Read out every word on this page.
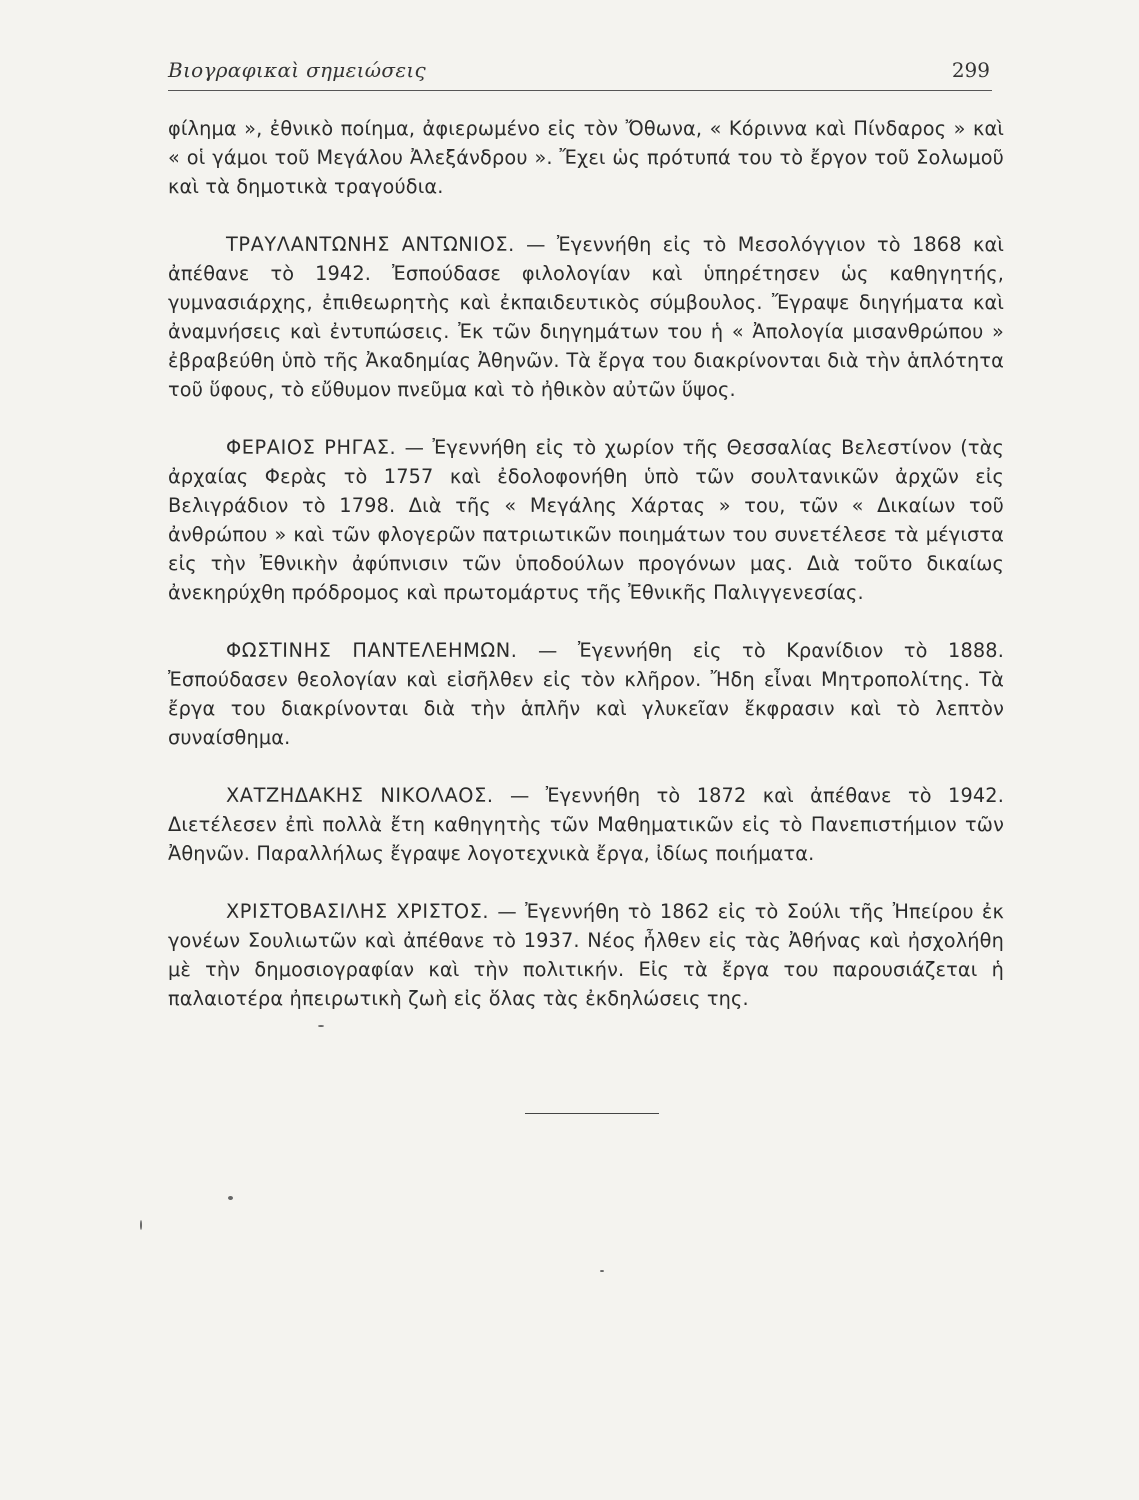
Βιογραφικαὶ σημειώσεις	299

φίλημα », ἐθνικὸ ποίημα, ἀφιερωμένο εἰς τὸν Ὄθωνα, « Κόριννα καὶ Πίνδαρος » καὶ « οἱ γάμοι τοῦ Μεγάλου Ἀλεξάνδρου ». Ἔχει ὡς πρότυπά του τὸ ἔργον τοῦ Σολωμοῦ καὶ τὰ δημοτικὰ τραγούδια.

ΤΡΑΥΛΑΝΤΩΝΗΣ ΑΝΤΩΝΙΟΣ. — Ἐγεννήθη εἰς τὸ Μεσολόγγιον τὸ 1868 καὶ ἀπέθανε τὸ 1942. Ἐσπούδασε φιλολογίαν καὶ ὑπηρέτησεν ὡς καθηγητής, γυμνασιάρχης, ἐπιθεωρητὴς καὶ ἐκπαιδευτικὸς σύμβουλος. Ἔγραψε διηγήματα καὶ ἀναμνήσεις καὶ ἐντυπώσεις. Ἐκ τῶν διηγημάτων του ἡ « Ἀπολογία μισανθρώπου » ἐβραβεύθη ὑπὸ τῆς Ἀκαδημίας Ἀθηνῶν. Τὰ ἔργα του διακρίνονται διὰ τὴν ἁπλότητα τοῦ ὕφους, τὸ εὔθυμον πνεῦμα καὶ τὸ ἠθικὸν αὐτῶν ὕψος.

ΦΕΡΑΙΟΣ ΡΗΓΑΣ. — Ἐγεννήθη εἰς τὸ χωρίον τῆς Θεσσαλίας Βελεστίνον (τὰς ἀρχαίας Φερὰς τὸ 1757 καὶ ἐδολοφονήθη ὑπὸ τῶν σουλτανικῶν ἀρχῶν εἰς Βελιγράδιον τὸ 1798. Διὰ τῆς « Μεγάλης Χάρτας » του, τῶν « Δικαίων τοῦ ἀνθρώπου » καὶ τῶν φλογερῶν πατριωτικῶν ποιημάτων του συνετέλεσε τὰ μέγιστα εἰς τὴν Ἐθνικὴν ἀφύπνισιν τῶν ὑποδούλων προγόνων μας. Διὰ τοῦτο δικαίως ἀνεκηρύχθη πρόδρομος καὶ πρωτομάρτυς τῆς Ἐθνικῆς Παλιγγενεσίας.

ΦΩΣΤΙΝΗΣ ΠΑΝΤΕΛΕΗΜΩΝ. — Ἐγεννήθη εἰς τὸ Κρανίδιον τὸ 1888. Ἐσπούδασεν θεολογίαν καὶ εἰσῆλθεν εἰς τὸν κλῆρον. Ἤδη εἶναι Μητροπολίτης. Τὰ ἔργα του διακρίνονται διὰ τὴν ἁπλῆν καὶ γλυκεῖαν ἔκφρασιν καὶ τὸ λεπτὸν συναίσθημα.

ΧΑΤΖΗΔΑΚΗΣ ΝΙΚΟΛΑΟΣ. — Ἐγεννήθη τὸ 1872 καὶ ἀπέθανε τὸ 1942. Διετέλεσεν ἐπὶ πολλὰ ἔτη καθηγητὴς τῶν Μαθηματικῶν εἰς τὸ Πανεπιστήμιον τῶν Ἀθηνῶν. Παραλλήλως ἔγραψε λογοτεχνικὰ ἔργα, ἰδίως ποιήματα.

ΧΡΙΣΤΟΒΑΣΙΛΗΣ ΧΡΙΣΤΟΣ. — Ἐγεννήθη τὸ 1862 εἰς τὸ Σούλι τῆς Ἠπείρου ἐκ γονέων Σουλιωτῶν καὶ ἀπέθανε τὸ 1937. Νέος ἦλθεν εἰς τὰς Ἀθήνας καὶ ἠσχολήθη μὲ τὴν δημοσιογραφίαν καὶ τὴν πολιτικήν. Εἰς τὰ ἔργα του παρουσιάζεται ἡ παλαιοτέρα ἠπειρωτικὴ ζωὴ εἰς ὅλας τὰς ἐκδηλώσεις της.
